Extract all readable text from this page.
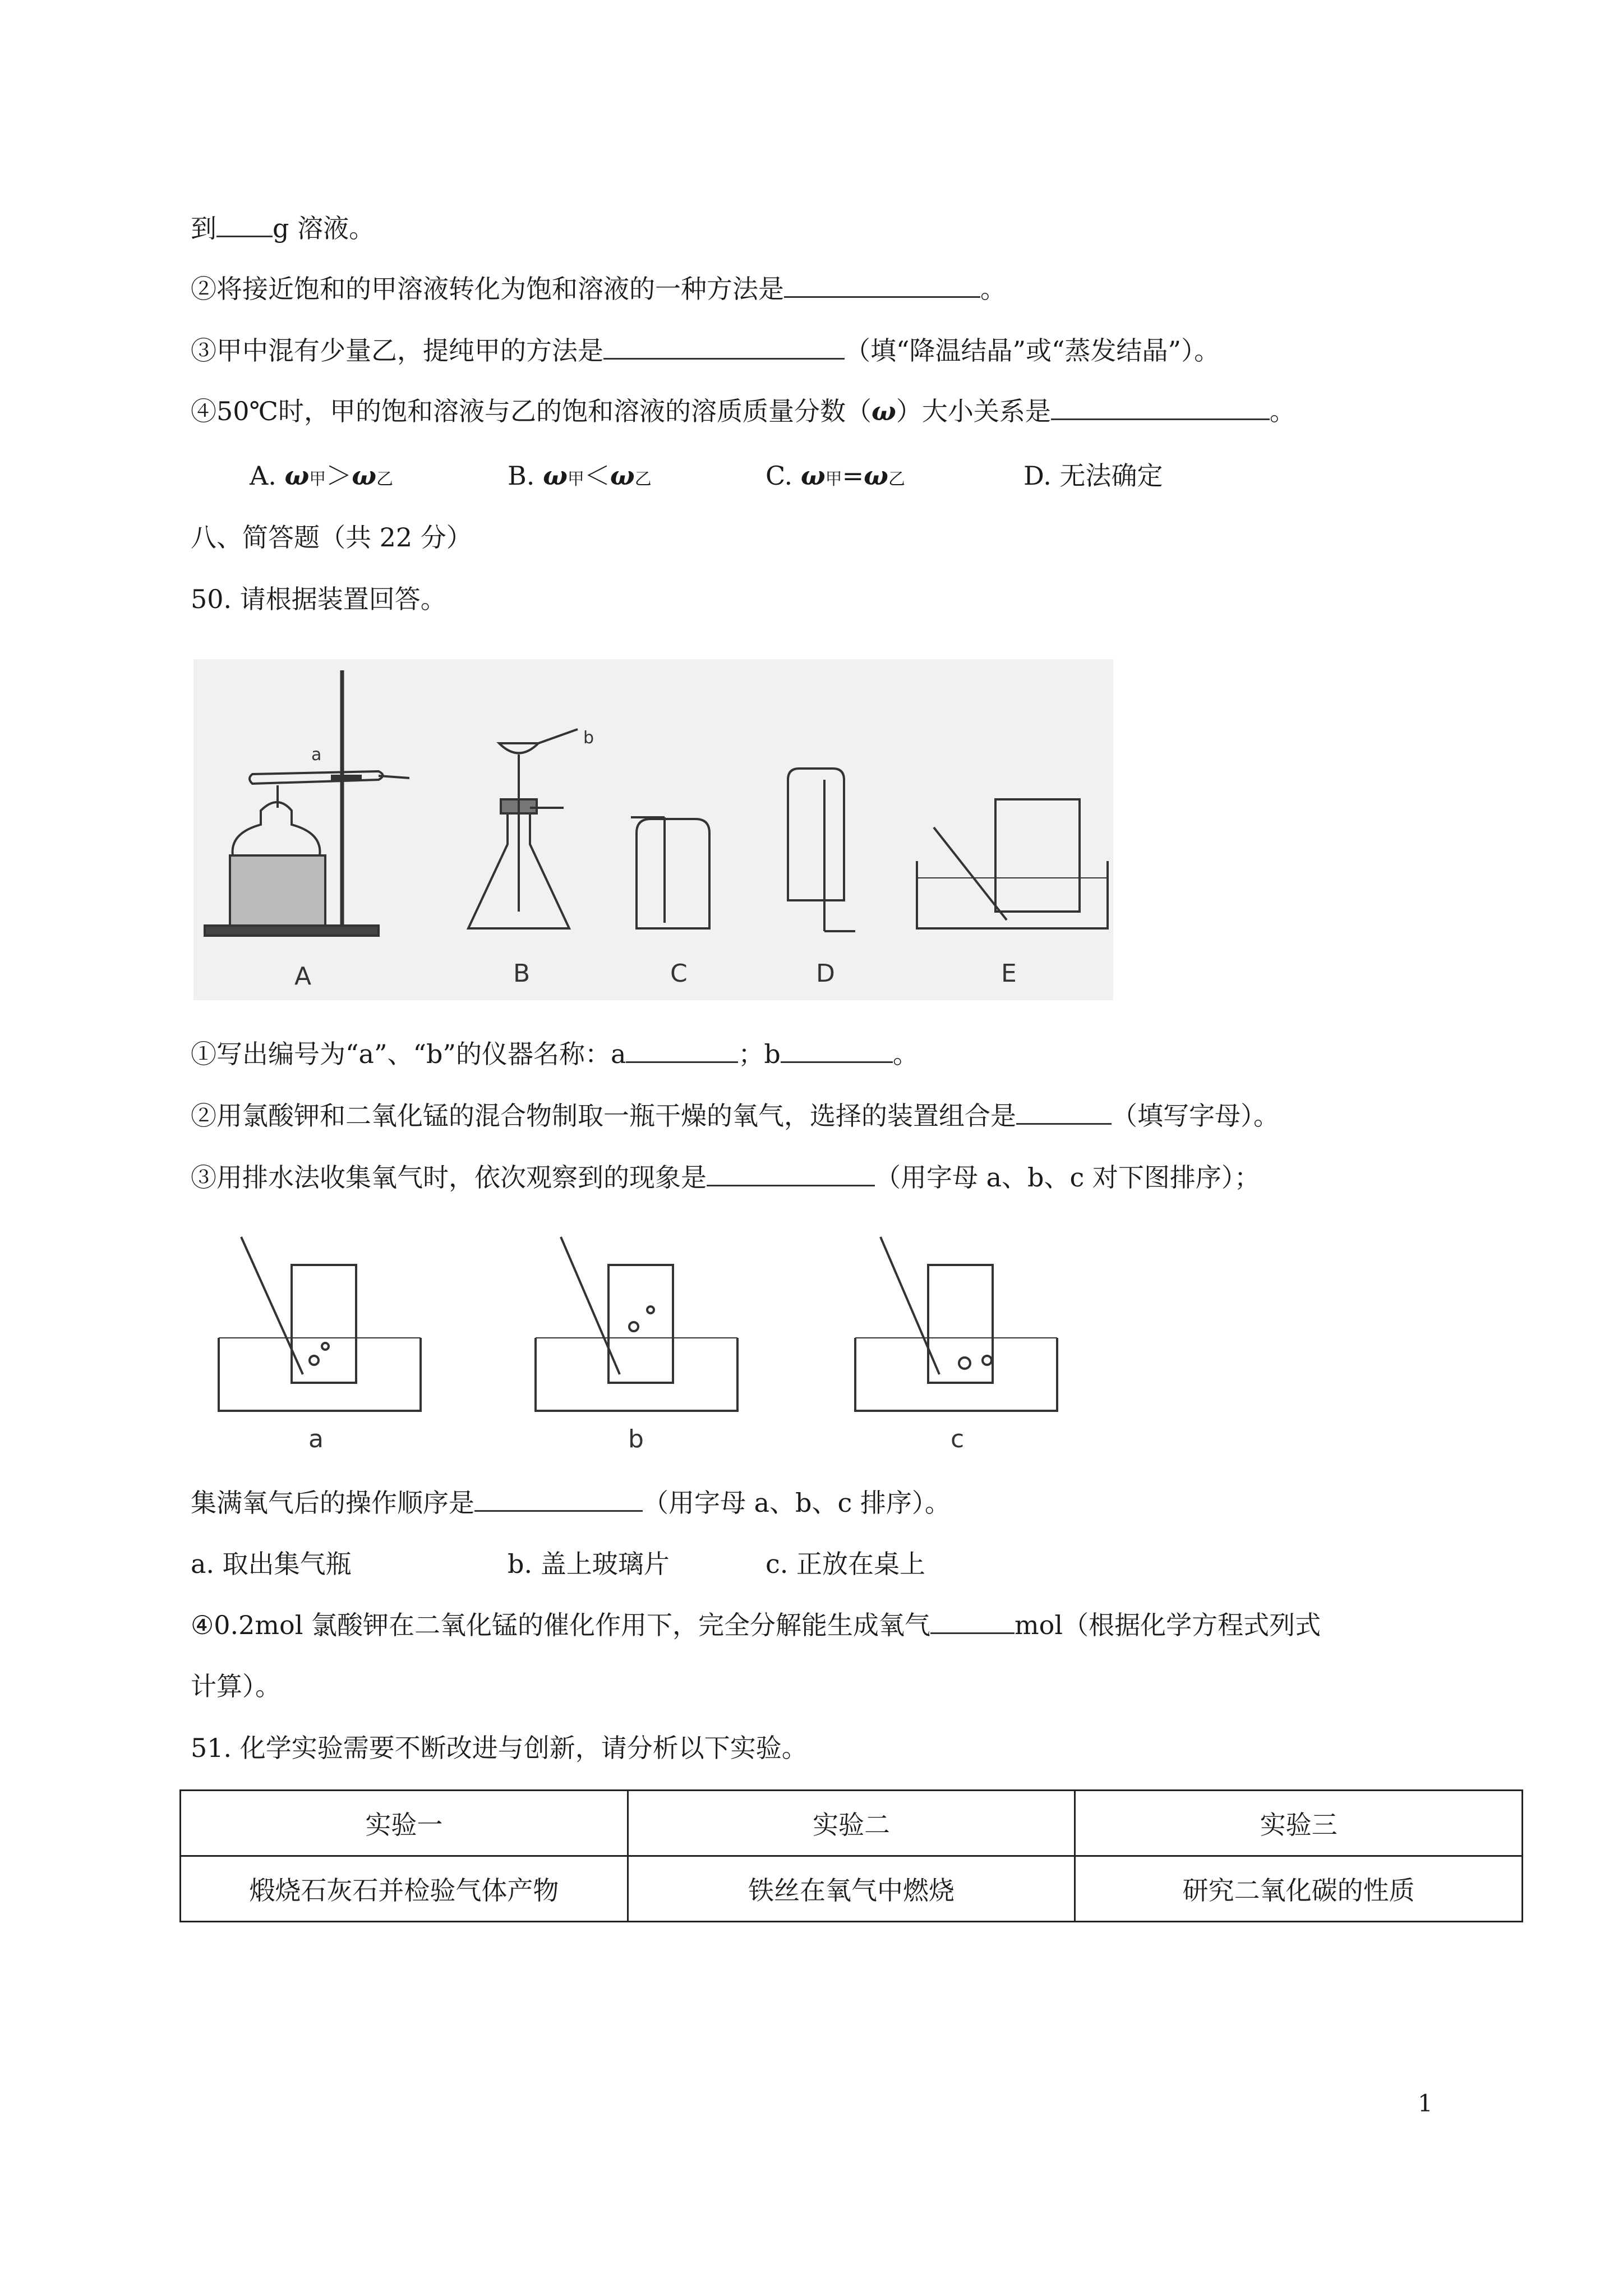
到 g 溶液。
②将接近饱和的甲溶液转化为饱和溶液的一种方法是	。
③甲中混有少量乙，提纯甲的方法是	（填“降温结晶”或“蒸发结晶”）。
④50℃时，甲的饱和溶液与乙的饱和溶液的溶质质量分数（ω）大小关系是	。
A. ω甲＞ω乙	B. ω甲＜ω乙	C. ω甲=ω乙	D. 无法确定
八、简答题（共 22 分）
50. 请根据装置回答。
a
b
A	B	C	D	E
①写出编号为“a”、“b”的仪器名称：a	；b	。
②用氯酸钾和二氧化锰的混合物制取一瓶干燥的氧气，选择的装置组合是	（填写字母）。
③用排水法收集氧气时，依次观察到的现象是	（用字母 a、b、c 对下图排序）；
a	b	c
集满氧气后的操作顺序是	（用字母 a、b、c 排序）。
a. 取出集气瓶	b. 盖上玻璃片	c. 正放在桌上
④0.2mol 氯酸钾在二氧化锰的催化作用下，完全分解能生成氧气	mol（根据化学方程式列式
计算）。
51. 化学实验需要不断改进与创新，请分析以下实验。
实验一	实验二	实验三
煅烧石灰石并检验气体产物	铁丝在氧气中燃烧	研究二氧化碳的性质
1
